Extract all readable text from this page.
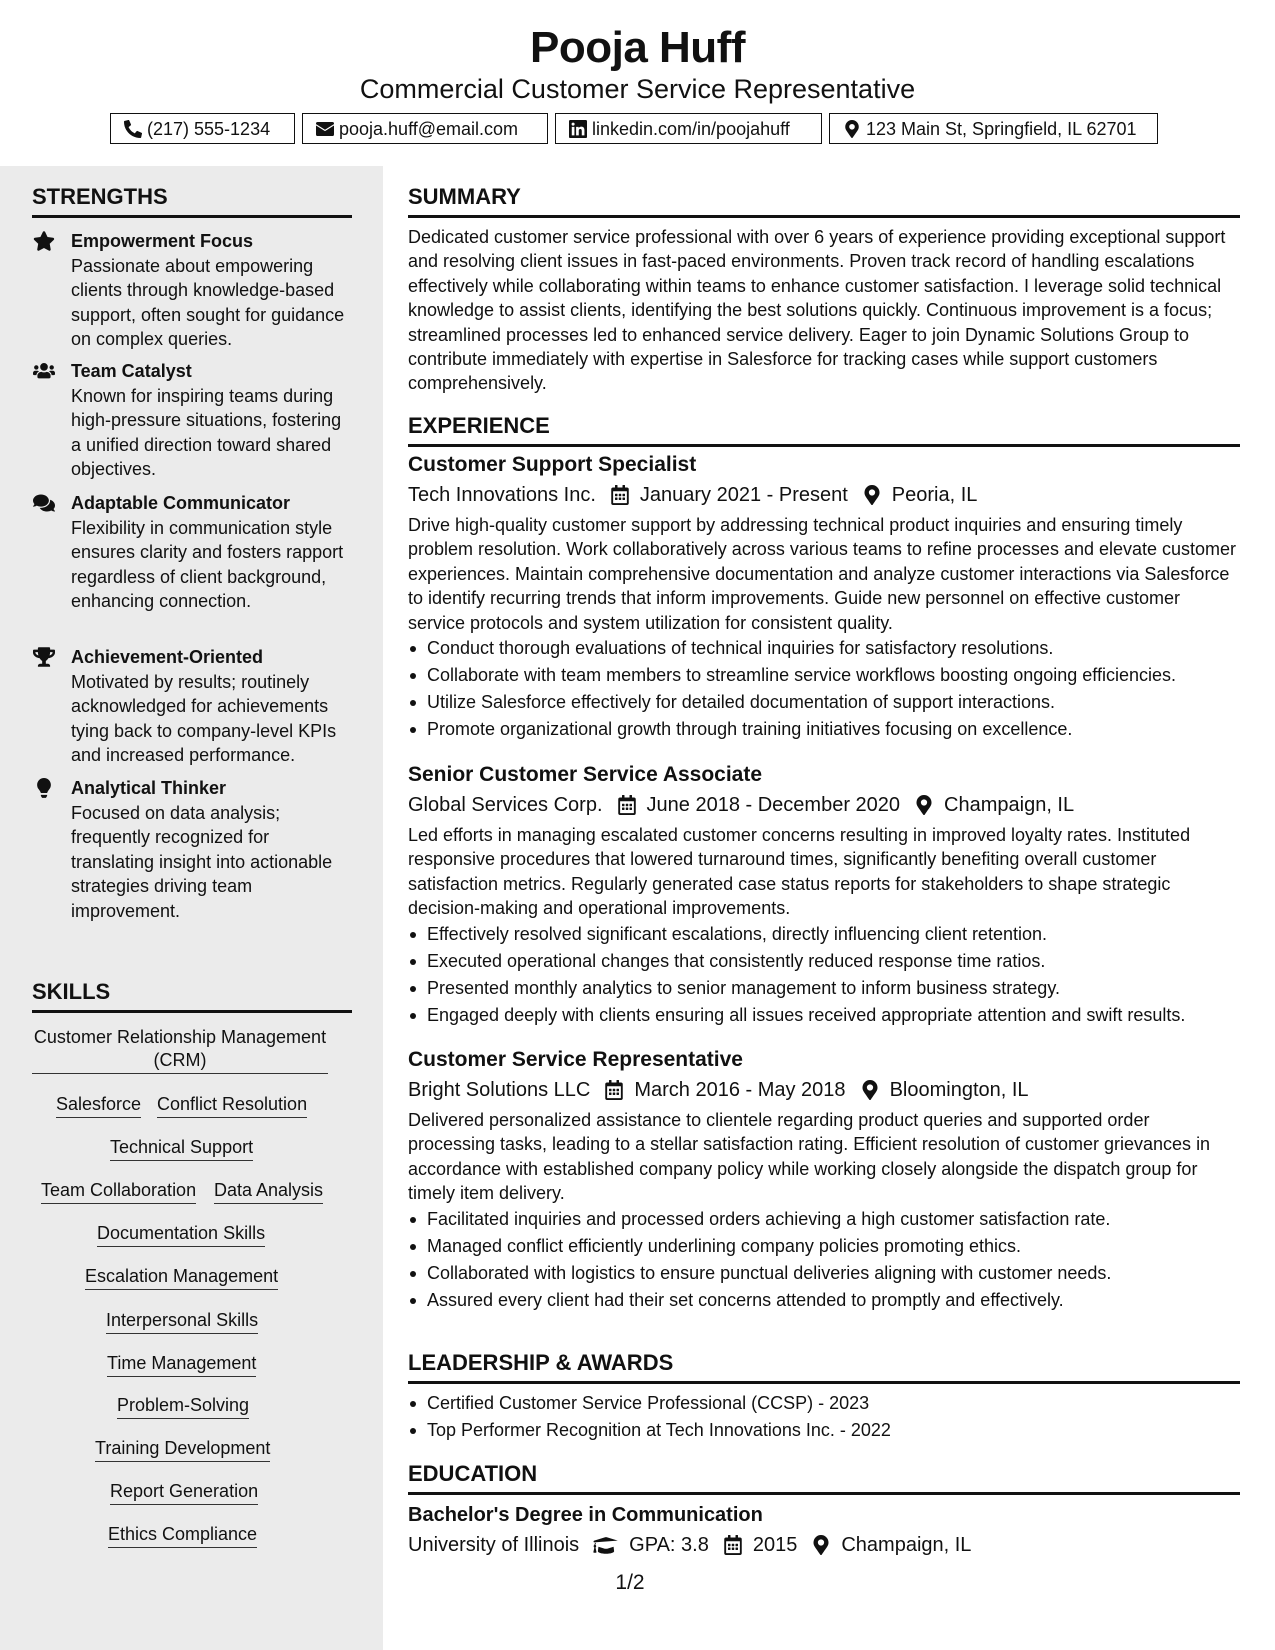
Pooja Huff
Commercial Customer Service Representative
(217) 555-1234	pooja.huff@email.com	linkedin.com/in/poojahuff	123 Main St, Springfield, IL 62701
STRENGTHS
Empowerment Focus
Passionate about empowering clients through knowledge-based support, often sought for guidance on complex queries.
Team Catalyst
Known for inspiring teams during high-pressure situations, fostering a unified direction toward shared objectives.
Adaptable Communicator
Flexibility in communication style ensures clarity and fosters rapport regardless of client background, enhancing connection.
Achievement-Oriented
Motivated by results; routinely acknowledged for achievements tying back to company-level KPIs and increased performance.
Analytical Thinker
Focused on data analysis; frequently recognized for translating insight into actionable strategies driving team improvement.
SKILLS
Customer Relationship Management (CRM)
Salesforce Conflict Resolution
Technical Support
Team Collaboration Data Analysis
Documentation Skills
Escalation Management
Interpersonal Skills
Time Management
Problem-Solving
Training Development
Report Generation
Ethics Compliance
SUMMARY
Dedicated customer service professional with over 6 years of experience providing exceptional support and resolving client issues in fast-paced environments. Proven track record of handling escalations effectively while collaborating within teams to enhance customer satisfaction. I leverage solid technical knowledge to assist clients, identifying the best solutions quickly. Continuous improvement is a focus; streamlined processes led to enhanced service delivery. Eager to join Dynamic Solutions Group to contribute immediately with expertise in Salesforce for tracking cases while support customers comprehensively.
EXPERIENCE
Customer Support Specialist
Tech Innovations Inc. January 2021 - Present Peoria, IL
Drive high-quality customer support by addressing technical product inquiries and ensuring timely problem resolution. Work collaboratively across various teams to refine processes and elevate customer experiences. Maintain comprehensive documentation and analyze customer interactions via Salesforce to identify recurring trends that inform improvements. Guide new personnel on effective customer service protocols and system utilization for consistent quality.
Conduct thorough evaluations of technical inquiries for satisfactory resolutions.
Collaborate with team members to streamline service workflows boosting ongoing efficiencies.
Utilize Salesforce effectively for detailed documentation of support interactions.
Promote organizational growth through training initiatives focusing on excellence.
Senior Customer Service Associate
Global Services Corp. June 2018 - December 2020 Champaign, IL
Led efforts in managing escalated customer concerns resulting in improved loyalty rates. Instituted responsive procedures that lowered turnaround times, significantly benefiting overall customer satisfaction metrics. Regularly generated case status reports for stakeholders to shape strategic decision-making and operational improvements.
Effectively resolved significant escalations, directly influencing client retention.
Executed operational changes that consistently reduced response time ratios.
Presented monthly analytics to senior management to inform business strategy.
Engaged deeply with clients ensuring all issues received appropriate attention and swift results.
Customer Service Representative
Bright Solutions LLC March 2016 - May 2018 Bloomington, IL
Delivered personalized assistance to clientele regarding product queries and supported order processing tasks, leading to a stellar satisfaction rating. Efficient resolution of customer grievances in accordance with established company policy while working closely alongside the dispatch group for timely item delivery.
Facilitated inquiries and processed orders achieving a high customer satisfaction rate.
Managed conflict efficiently underlining company policies promoting ethics.
Collaborated with logistics to ensure punctual deliveries aligning with customer needs.
Assured every client had their set concerns attended to promptly and effectively.
LEADERSHIP & AWARDS
Certified Customer Service Professional (CCSP) - 2023
Top Performer Recognition at Tech Innovations Inc. - 2022
EDUCATION
Bachelor's Degree in Communication
University of Illinois	GPA: 3.8 2015 Champaign, IL
1/2
